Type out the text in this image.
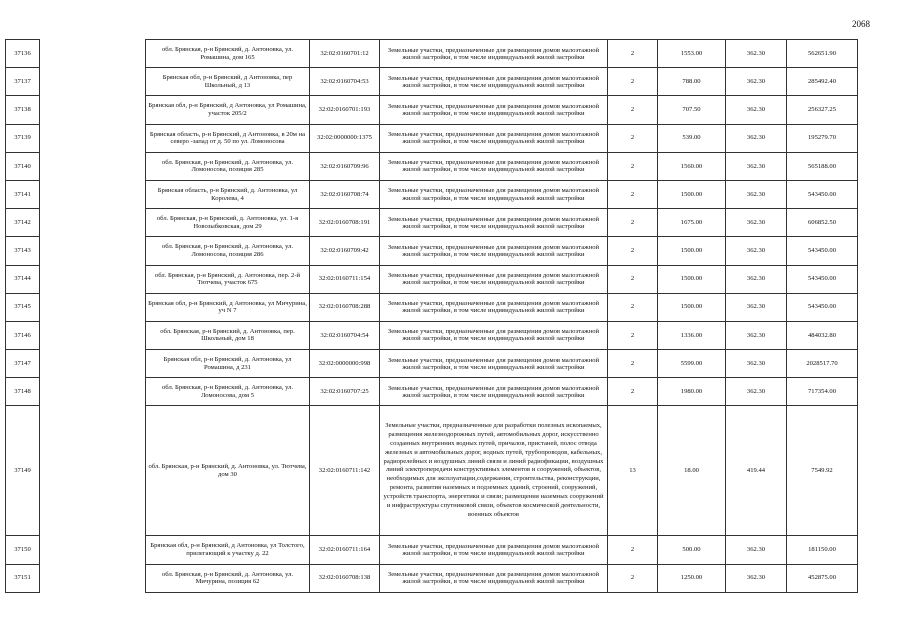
2068
37136		обл. Брянская, р-н Брянский, д. Антоновка, ул. Ромашина, дом 165	32:02:0160701:12	Земельные участки, предназначенные для размещения домов малоэтажной жилой застройки, в том числе индивидуальной жилой застройки	2	1553.00	362.30	562651.90
37137		Брянская обл, р-н Брянский, д Антоновка, пер Школьный, д 13	32:02:0160704:53	Земельные участки, предназначенные для размещения домов малоэтажной жилой застройки, в том числе индивидуальной жилой застройки	2	788.00	362.30	285492.40
37138		Брянская обл, р-н Брянский, д Антоновка, ул Ромашина, участок 205/2	32:02:0160701:193	Земельные участки, предназначенные для размещения домов малоэтажной жилой застройки, в том числе индивидуальной жилой застройки	2	707.50	362.30	256327.25
37139		Брянская область, р-н Брянский, д Антоновка, в 20м на северо -запад от д. 50 по ул. Ломоносова	32:02:0000000:1375	Земельные участки, предназначенные для размещения домов малоэтажной жилой застройки, в том числе индивидуальной жилой застройки	2	539.00	362.30	195279.70
37140		обл. Брянская, р-н Брянский, д. Антоновка, ул. Ломоносова, позиция 285	32:02:0160709:96	Земельные участки, предназначенные для размещения домов малоэтажной жилой застройки, в том числе индивидуальной жилой застройки	2	1560.00	362.30	565188.00
37141		Брянская область, р-н Брянский, д. Антоновка, ул Королева, 4	32:02:0160708:74	Земельные участки, предназначенные для размещения домов малоэтажной жилой застройки, в том числе индивидуальной жилой застройки	2	1500.00	362.30	543450.00
37142		обл. Брянская, р-н Брянский, д. Антоновка, ул. 1-я Новозыбковская, дом 29	32:02:0160708:191	Земельные участки, предназначенные для размещения домов малоэтажной жилой застройки, в том числе индивидуальной жилой застройки	2	1675.00	362.30	606852.50
37143		обл. Брянская, р-н Брянский, д. Антоновка, ул. Ломоносова, позиция 286	32:02:0160709:42	Земельные участки, предназначенные для размещения домов малоэтажной жилой застройки, в том числе индивидуальной жилой застройки	2	1500.00	362.30	543450.00
37144		обл. Брянская, р-н Брянский, д. Антоновка, пер. 2-й Тютчева, участок 675	32:02:0160711:154	Земельные участки, предназначенные для размещения домов малоэтажной жилой застройки, в том числе индивидуальной жилой застройки	2	1500.00	362.30	543450.00
37145		Брянская обл, р-н Брянский, д Антоновка, ул Мичурина, уч N 7	32:02:0160708:288	Земельные участки, предназначенные для размещения домов малоэтажной жилой застройки, в том числе индивидуальной жилой застройки	2	1500.00	362.30	543450.00
37146		обл. Брянская, р-н Брянский, д. Антоновка, пер. Школьный, дом 18	32:02:0160704:54	Земельные участки, предназначенные для размещения домов малоэтажной жилой застройки, в том числе индивидуальной жилой застройки	2	1336.00	362.30	484032.80
37147		Брянская обл, р-н Брянский, д. Антоновка, ул Ромашина, д 231	32:02:0000000:998	Земельные участки, предназначенные для размещения домов малоэтажной жилой застройки, в том числе индивидуальной жилой застройки	2	5599.00	362.30	2028517.70
37148		обл. Брянская, р-н Брянский, д. Антоновка, ул. Ломоносова, дом 5	32:02:0160707:25	Земельные участки, предназначенные для размещения домов малоэтажной жилой застройки, в том числе индивидуальной жилой застройки	2	1980.00	362.30	717354.00
37149		обл. Брянская, р-н Брянский, д. Антоновка, ул. Тютчева, дом 30	32:02:0160711:142	Земельные участки, предназначенные для разработки полезных ископаемых, размещения железнодорожных путей, автомобильных дорог, искусственно созданных внутренних водных путей, причалов, пристаней, полос отвода железных и автомобильных дорог, водных путей, трубопроводов, кабельных, радиорелейных и воздушных линий связи и линий радиофикации, воздушных линий электропередачи конструктивных элементов и сооружений, объектов, необходимых для эксплуатации,содержания, строительства, реконструкции, ремонта, развития наземных и подземных зданий, строений, сооружений, устройств транспорта, энергетики и связи; размещения наземных сооружений и инфраструктуры спутниковой связи, объектов космической деятельности, военных объектов	13	18.00	419.44	7549.92
37150		Брянская обл, р-н Брянский, д Антоновка, ул Толстого, прилегающий к участку д. 22	32:02:0160711:164	Земельные участки, предназначенные для размещения домов малоэтажной жилой застройки, в том числе индивидуальной жилой застройки	2	500.00	362.30	181150.00
37151		обл. Брянская, р-н Брянский, д. Антоновка, ул. Мичурина, позиция 62	32:02:0160708:138	Земельные участки, предназначенные для размещения домов малоэтажной жилой застройки, в том числе индивидуальной жилой застройки	2	1250.00	362.30	452875.00
